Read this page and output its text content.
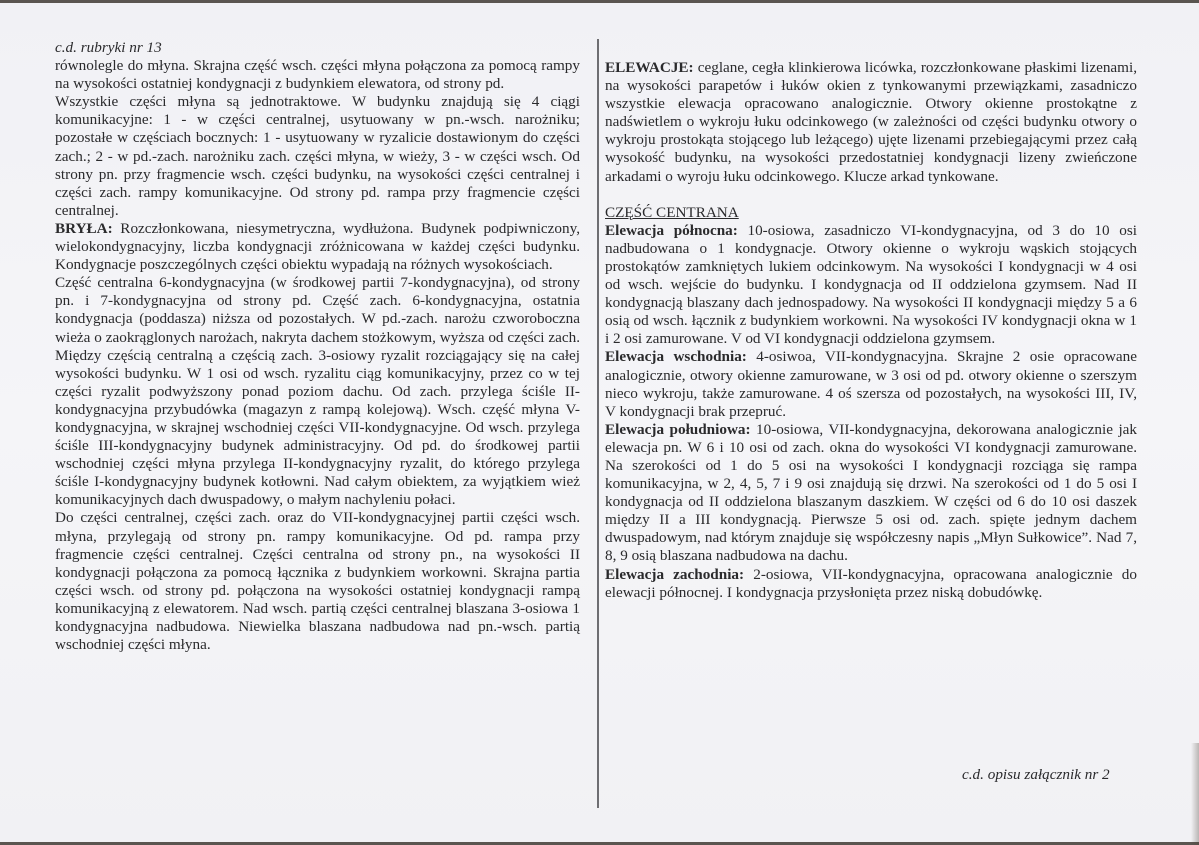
c.d. rubryki nr 13

równolegle do młyna. Skrajna część wsch. części młyna połączona za pomocą rampy na wysokości ostatniej kondygnacji z budynkiem elewatora, od strony pd.

Wszystkie części młyna są jednotraktowe. W budynku znajdują się 4 ciągi komunikacyjne: 1 - w części centralnej, usytuowany w pn.-wsch. narożniku; pozostałe w częściach bocznych: 1 - usytuowany w ryzalicie dostawionym do części zach.; 2 - w pd.-zach. narożniku zach. części młyna, w wieży, 3 - w części wsch. Od strony pn. przy fragmencie wsch. części budynku, na wysokości części centralnej i części zach. rampy komunikacyjne. Od strony pd. rampa przy fragmencie części centralnej.

BRYŁA: Rozczłonkowana, niesymetryczna, wydłużona. Budynek podpiwniczony, wielokondygnacyjny, liczba kondygnacji zróżnicowana w każdej części budynku. Kondygnacje poszczególnych części obiektu wypadają na różnych wysokościach.

Część centralna 6-kondygnacyjna (w środkowej partii 7-kondygnacyjna), od strony pn. i 7-kondygnacyjna od strony pd. Część zach. 6-kondygnacyjna, ostatnia kondygnacja (poddasza) niższa od pozostałych. W pd.-zach. narożu czworoboczna wieża o zaokrąglonych narożach, nakryta dachem stożkowym, wyższa od części zach. Między częścią centralną a częścią zach. 3-osiowy ryzalit rozciągający się na całej wysokości budynku. W 1 osi od wsch. ryzalitu ciąg komunikacyjny, przez co w tej części ryzalit podwyższony ponad poziom dachu. Od zach. przylega ściśle II-kondygnacyjna przybudówka (magazyn z rampą kolejową). Wsch. część młyna V-kondygnacyjna, w skrajnej wschodniej części VII-kondygnacyjne. Od wsch. przylega ściśle III-kondygnacyjny budynek administracyjny. Od pd. do środkowej partii wschodniej części młyna przylega II-kondygnacyjny ryzalit, do którego przylega ściśle I-kondygnacyjny budynek kotłowni. Nad całym obiektem, za wyjątkiem wież komunikacyjnych dach dwuspadowy, o małym nachyleniu połaci.

Do części centralnej, części zach. oraz do VII-kondygnacyjnej partii części wsch. młyna, przylegają od strony pn. rampy komunikacyjne. Od pd. rampa przy fragmencie części centralnej. Części centralna od strony pn., na wysokości II kondygnacji połączona za pomocą łącznika z budynkiem workowni. Skrajna partia części wsch. od strony pd. połączona na wysokości ostatniej kondygnacji rampą komunikacyjną z elewatorem. Nad wsch. partią części centralnej blaszana 3-osiowa 1 kondygnacyjna nadbudowa. Niewielka blaszana nadbudowa nad pn.-wsch. partią wschodniej części młyna.

ELEWACJE: ceglane, cegła klinkierowa licówka, rozczłonkowane płaskimi lizenami, na wysokości parapetów i łuków okien z tynkowanymi przewiązkami, zasadniczo wszystkie elewacja opracowano analogicznie. Otwory okienne prostokątne z nadświetlem o wykroju łuku odcinkowego (w zależności od części budynku otwory o wykroju prostokąta stojącego lub leżącego) ujęte lizenami przebiegającymi przez całą wysokość budynku, na wysokości przedostatniej kondygnacji lizeny zwieńczone arkadami o wyroju łuku odcinkowego. Klucze arkad tynkowane.

CZĘŚĆ CENTRANA

Elewacja północna: 10-osiowa, zasadniczo VI-kondygnacyjna, od 3 do 10 osi nadbudowana o 1 kondygnacje. Otwory okienne o wykroju wąskich stojących prostokątów zamkniętych lukiem odcinkowym. Na wysokości I kondygnacji w 4 osi od wsch. wejście do budynku. I kondygnacja od II oddzielona gzymsem. Nad II kondygnacją blaszany dach jednospadowy. Na wysokości II kondygnacji między 5 a 6 osią od wsch. łącznik z budynkiem workowni. Na wysokości IV kondygnacji okna w 1 i 2 osi zamurowane. V od VI kondygnacji oddzielona gzymsem.

Elewacja wschodnia: 4-osiwoa, VII-kondygnacyjna. Skrajne 2 osie opracowane analogicznie, otwory okienne zamurowane, w 3 osi od pd. otwory okienne o szerszym nieco wykroju, także zamurowane. 4 oś szersza od pozostałych, na wysokości III, IV, V kondygnacji brak przepruć.

Elewacja południowa: 10-osiowa, VII-kondygnacyjna, dekorowana analogicznie jak elewacja pn. W 6 i 10 osi od zach. okna do wysokości VI kondygnacji zamurowane. Na szerokości od 1 do 5 osi na wysokości I kondygnacji rozciąga się rampa komunikacyjna, w 2, 4, 5, 7 i 9 osi znajdują się drzwi. Na szerokości od 1 do 5 osi I kondygnacja od II oddzielona blaszanym daszkiem. W części od 6 do 10 osi daszek między II a III kondygnacją. Pierwsze 5 osi od. zach. spięte jednym dachem dwuspadowym, nad którym znajduje się współczesny napis „Młyn Sułkowice”. Nad 7, 8, 9 osią blaszana nadbudowa na dachu.

Elewacja zachodnia: 2-osiowa, VII-kondygnacyjna, opracowana analogicznie do elewacji północnej. I kondygnacja przysłonięta przez niską dobudówkę.

c.d. opisu załącznik nr 2
